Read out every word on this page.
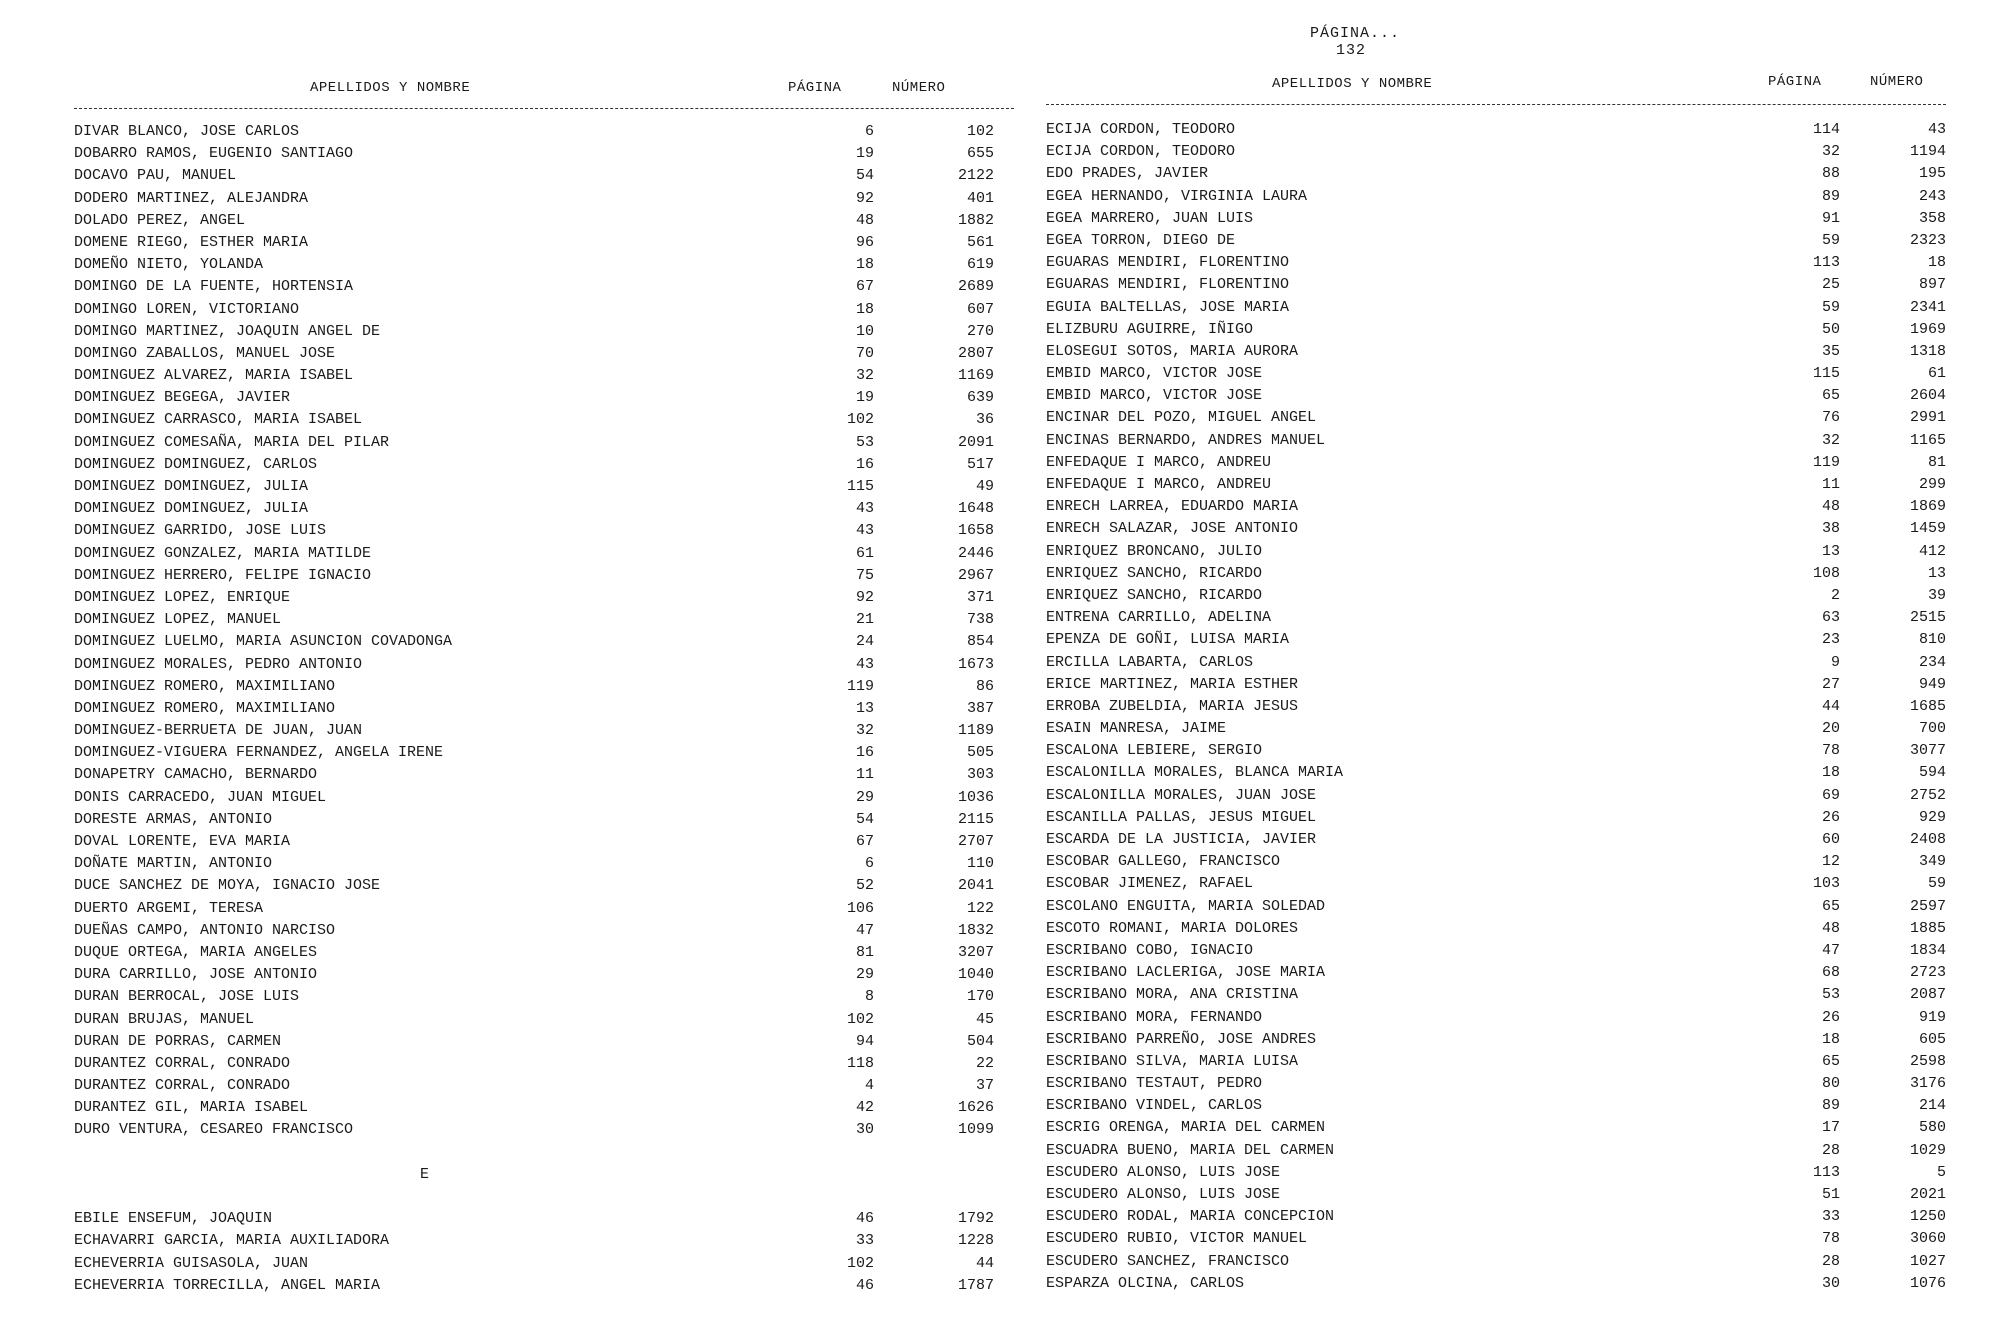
PÁGINA...
132

APELLIDOS Y NOMBRE	PÁGINA	NÚMERO
DIVAR BLANCO, JOSE CARLOS	6	102
DOBARRO RAMOS, EUGENIO SANTIAGO	19	655
DOCAVO PAU, MANUEL	54	2122
DODERO MARTINEZ, ALEJANDRA	92	401
DOLADO PEREZ, ANGEL	48	1882
DOMENE RIEGO, ESTHER MARIA	96	561
DOMEÑO NIETO, YOLANDA	18	619
DOMINGO DE LA FUENTE, HORTENSIA	67	2689
DOMINGO LOREN, VICTORIANO	18	607
DOMINGO MARTINEZ, JOAQUIN ANGEL DE	10	270
DOMINGO ZABALLOS, MANUEL JOSE	70	2807
DOMINGUEZ ALVAREZ, MARIA ISABEL	32	1169
DOMINGUEZ BEGEGA, JAVIER	19	639
DOMINGUEZ CARRASCO, MARIA ISABEL	102	36
DOMINGUEZ COMESAÑA, MARIA DEL PILAR	53	2091
DOMINGUEZ DOMINGUEZ, CARLOS	16	517
DOMINGUEZ DOMINGUEZ, JULIA	115	49
DOMINGUEZ DOMINGUEZ, JULIA	43	1648
DOMINGUEZ GARRIDO, JOSE LUIS	43	1658
DOMINGUEZ GONZALEZ, MARIA MATILDE	61	2446
DOMINGUEZ HERRERO, FELIPE IGNACIO	75	2967
DOMINGUEZ LOPEZ, ENRIQUE	92	371
DOMINGUEZ LOPEZ, MANUEL	21	738
DOMINGUEZ LUELMO, MARIA ASUNCION COVADONGA	24	854
DOMINGUEZ MORALES, PEDRO ANTONIO	43	1673
DOMINGUEZ ROMERO, MAXIMILIANO	119	86
DOMINGUEZ ROMERO, MAXIMILIANO	13	387
DOMINGUEZ-BERRUETA DE JUAN, JUAN	32	1189
DOMINGUEZ-VIGUERA FERNANDEZ, ANGELA IRENE	16	505
DONAPETRY CAMACHO, BERNARDO	11	303
DONIS CARRACEDO, JUAN MIGUEL	29	1036
DORESTE ARMAS, ANTONIO	54	2115
DOVAL LORENTE, EVA MARIA	67	2707
DOÑATE MARTIN, ANTONIO	6	110
DUCE SANCHEZ DE MOYA, IGNACIO JOSE	52	2041
DUERTO ARGEMI, TERESA	106	122
DUEÑAS CAMPO, ANTONIO NARCISO	47	1832
DUQUE ORTEGA, MARIA ANGELES	81	3207
DURA CARRILLO, JOSE ANTONIO	29	1040
DURAN BERROCAL, JOSE LUIS	8	170
DURAN BRUJAS, MANUEL	102	45
DURAN DE PORRAS, CARMEN	94	504
DURANTEZ CORRAL, CONRADO	118	22
DURANTEZ CORRAL, CONRADO	4	37
DURANTEZ GIL, MARIA ISABEL	42	1626
DURO VENTURA, CESAREO FRANCISCO	30	1099
E
EBILE ENSEFUM, JOAQUIN	46	1792
ECHAVARRI GARCIA, MARIA AUXILIADORA	33	1228
ECHEVERRIA GUISASOLA, JUAN	102	44
ECHEVERRIA TORRECILLA, ANGEL MARIA	46	1787
APELLIDOS Y NOMBRE	PÁGINA	NÚMERO
ECIJA CORDON, TEODORO	114	43
ECIJA CORDON, TEODORO	32	1194
EDO PRADES, JAVIER	88	195
EGEA HERNANDO, VIRGINIA LAURA	89	243
EGEA MARRERO, JUAN LUIS	91	358
EGEA TORRON, DIEGO DE	59	2323
EGUARAS MENDIRI, FLORENTINO	113	18
EGUARAS MENDIRI, FLORENTINO	25	897
EGUIA BALTELLAS, JOSE MARIA	59	2341
ELIZBURU AGUIRRE, IÑIGO	50	1969
ELOSEGUI SOTOS, MARIA AURORA	35	1318
EMBID MARCO, VICTOR JOSE	115	61
EMBID MARCO, VICTOR JOSE	65	2604
ENCINAR DEL POZO, MIGUEL ANGEL	76	2991
ENCINAS BERNARDO, ANDRES MANUEL	32	1165
ENFEDAQUE I MARCO, ANDREU	119	81
ENFEDAQUE I MARCO, ANDREU	11	299
ENRECH LARREA, EDUARDO MARIA	48	1869
ENRECH SALAZAR, JOSE ANTONIO	38	1459
ENRIQUEZ BRONCANO, JULIO	13	412
ENRIQUEZ SANCHO, RICARDO	108	13
ENRIQUEZ SANCHO, RICARDO	2	39
ENTRENA CARRILLO, ADELINA	63	2515
EPENZA DE GOÑI, LUISA MARIA	23	810
ERCILLA LABARTA, CARLOS	9	234
ERICE MARTINEZ, MARIA ESTHER	27	949
ERROBA ZUBELDIA, MARIA JESUS	44	1685
ESAIN MANRESA, JAIME	20	700
ESCALONA LEBIERE, SERGIO	78	3077
ESCALONILLA MORALES, BLANCA MARIA	18	594
ESCALONILLA MORALES, JUAN JOSE	69	2752
ESCANILLA PALLAS, JESUS MIGUEL	26	929
ESCARDA DE LA JUSTICIA, JAVIER	60	2408
ESCOBAR GALLEGO, FRANCISCO	12	349
ESCOBAR JIMENEZ, RAFAEL	103	59
ESCOLANO ENGUITA, MARIA SOLEDAD	65	2597
ESCOTO ROMANI, MARIA DOLORES	48	1885
ESCRIBANO COBO, IGNACIO	47	1834
ESCRIBANO LACLERIGA, JOSE MARIA	68	2723
ESCRIBANO MORA, ANA CRISTINA	53	2087
ESCRIBANO MORA, FERNANDO	26	919
ESCRIBANO PARREÑO, JOSE ANDRES	18	605
ESCRIBANO SILVA, MARIA LUISA	65	2598
ESCRIBANO TESTAUT, PEDRO	80	3176
ESCRIBANO VINDEL, CARLOS	89	214
ESCRIG ORENGA, MARIA DEL CARMEN	17	580
ESCUADRA BUENO, MARIA DEL CARMEN	28	1029
ESCUDERO ALONSO, LUIS JOSE	113	5
ESCUDERO ALONSO, LUIS JOSE	51	2021
ESCUDERO RODAL, MARIA CONCEPCION	33	1250
ESCUDERO RUBIO, VICTOR MANUEL	78	3060
ESCUDERO SANCHEZ, FRANCISCO	28	1027
ESPARZA OLCINA, CARLOS	30	1076
